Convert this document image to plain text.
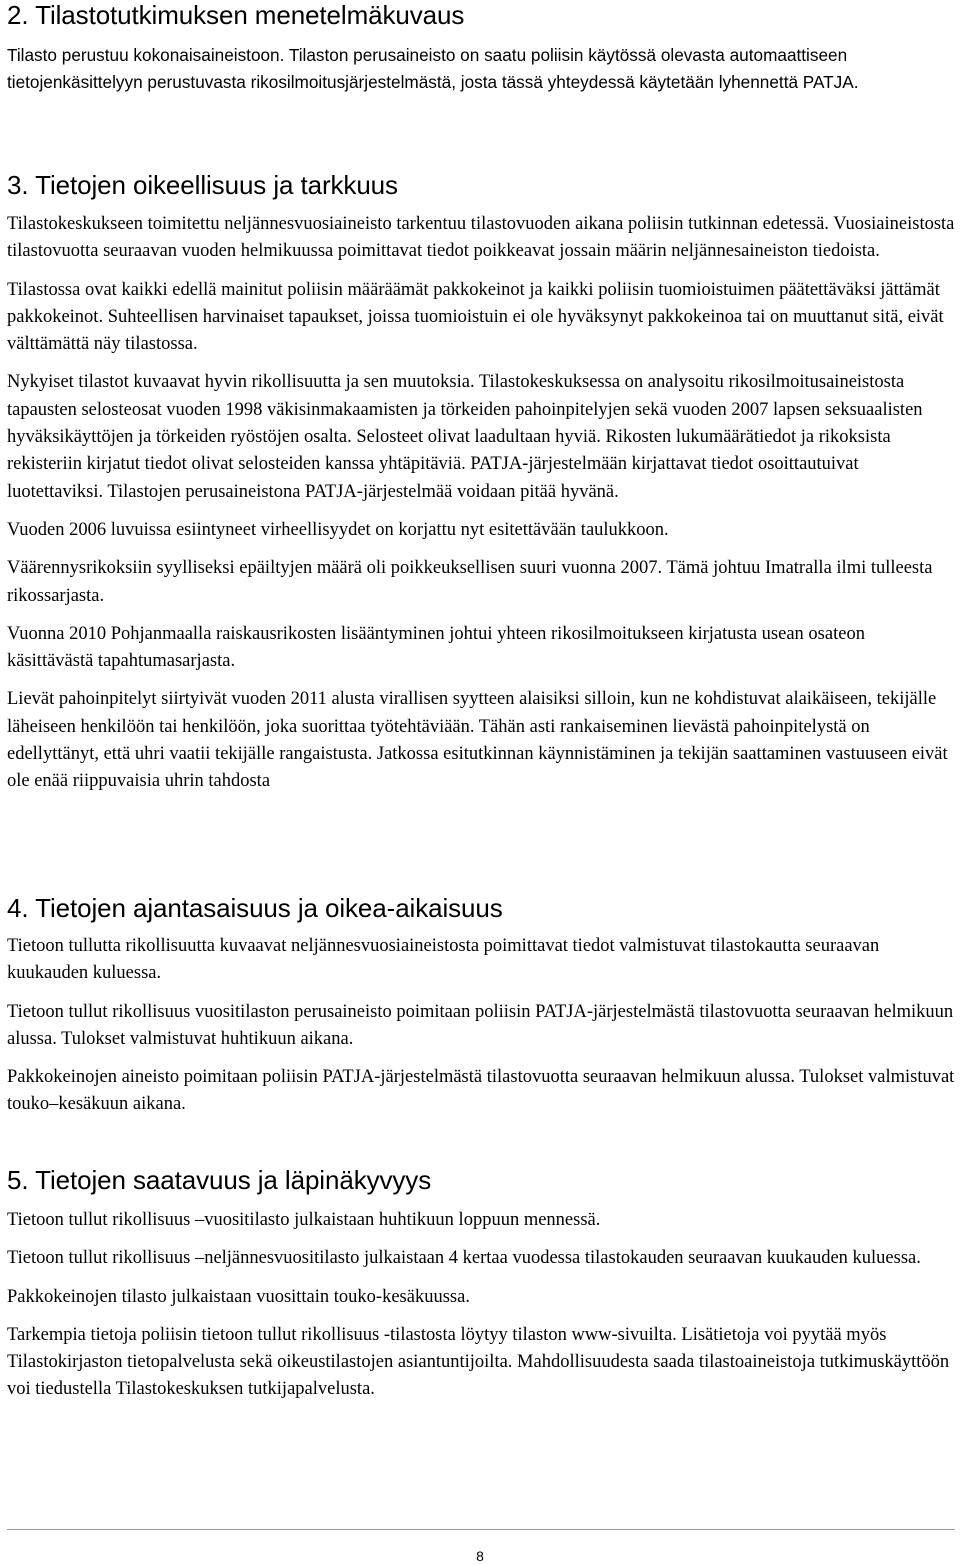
2. Tilastotutkimuksen menetelmäkuvaus

Tilasto perustuu kokonaisaineistoon. Tilaston perusaineisto on saatu poliisin käytössä olevasta automaattiseen tietojenkäsittelyyn perustuvasta rikosilmoitusjärjestelmästä, josta tässä yhteydessä käytetään lyhennettä PATJA.

3. Tietojen oikeellisuus ja tarkkuus

Tilastokeskukseen toimitettu neljännesvuosiaineisto tarkentuu tilastovuoden aikana poliisin tutkinnan edetessä. Vuosiaineistosta tilastovuotta seuraavan vuoden helmikuussa poimittavat tiedot poikkeavat jossain määrin neljännesaineiston tiedoista.

Tilastossa ovat kaikki edellä mainitut poliisin määräämät pakkokeinot ja kaikki poliisin tuomioistuimen päätettäväksi jättämät pakkokeinot. Suhteellisen harvinaiset tapaukset, joissa tuomioistuin ei ole hyväksynyt pakkokeinoa tai on muuttanut sitä, eivät välttämättä näy tilastossa.

Nykyiset tilastot kuvaavat hyvin rikollisuutta ja sen muutoksia. Tilastokeskuksessa on analysoitu rikosilmoitusaineistosta tapausten selosteosat vuoden 1998 väkisinmakaamisten ja törkeiden pahoinpitelyjen sekä vuoden 2007 lapsen seksuaalisten hyväksikäyttöjen ja törkeiden ryöstöjen osalta. Selosteet olivat laadultaan hyviä. Rikosten lukumäärätiedot ja rikoksista rekisteriin kirjatut tiedot olivat selosteiden kanssa yhtäpitäviä. PATJA-järjestelmään kirjattavat tiedot osoittautuivat luotettaviksi. Tilastojen perusaineistona PATJA-järjestelmää voidaan pitää hyvänä.

Vuoden 2006 luvuissa esiintyneet virheellisyydet on korjattu nyt esitettävään taulukkoon.

Väärennysrikoksiin syylliseksi epäiltyjen määrä oli poikkeuksellisen suuri vuonna 2007. Tämä johtuu Imatralla ilmi tulleesta rikossarjasta.

Vuonna 2010 Pohjanmaalla raiskausrikosten lisääntyminen johtui yhteen rikosilmoitukseen kirjatusta usean osateon käsittävästä tapahtumasarjasta.

Lievät pahoinpitelyt siirtyivät vuoden 2011 alusta virallisen syytteen alaisiksi silloin, kun ne kohdistuvat alaikäiseen, tekijälle läheiseen henkilöön tai henkilöön, joka suorittaa työtehtäviään. Tähän asti rankaiseminen lievästä pahoinpitelystä on edellyttänyt, että uhri vaatii tekijälle rangaistusta. Jatkossa esitutkinnan käynnistäminen ja tekijän saattaminen vastuuseen eivät ole enää riippuvaisia uhrin tahdosta

4. Tietojen ajantasaisuus ja oikea-aikaisuus

Tietoon tullutta rikollisuutta kuvaavat neljännesvuosiaineistosta poimittavat tiedot valmistuvat tilastokautta seuraavan kuukauden kuluessa.

Tietoon tullut rikollisuus vuositilaston perusaineisto poimitaan poliisin PATJA-järjestelmästä tilastovuotta seuraavan helmikuun alussa. Tulokset valmistuvat huhtikuun aikana.

Pakkokeinojen aineisto poimitaan poliisin PATJA-järjestelmästä tilastovuotta seuraavan helmikuun alussa. Tulokset valmistuvat touko–kesäkuun aikana.

5. Tietojen saatavuus ja läpinäkyvyys

Tietoon tullut rikollisuus –vuositilasto julkaistaan huhtikuun loppuun mennessä.

Tietoon tullut rikollisuus –neljännesvuositilasto julkaistaan 4 kertaa vuodessa tilastokauden seuraavan kuukauden kuluessa.

Pakkokeinojen tilasto julkaistaan vuosittain touko-kesäkuussa.

Tarkempia tietoja poliisin tietoon tullut rikollisuus -tilastosta löytyy tilaston www-sivuilta. Lisätietoja voi pyytää myös Tilastokirjaston tietopalvelusta sekä oikeustilastojen asiantuntijoilta. Mahdollisuudesta saada tilastoaineistoja tutkimuskäyttöön voi tiedustella Tilastokeskuksen tutkijapalvelusta.

8
